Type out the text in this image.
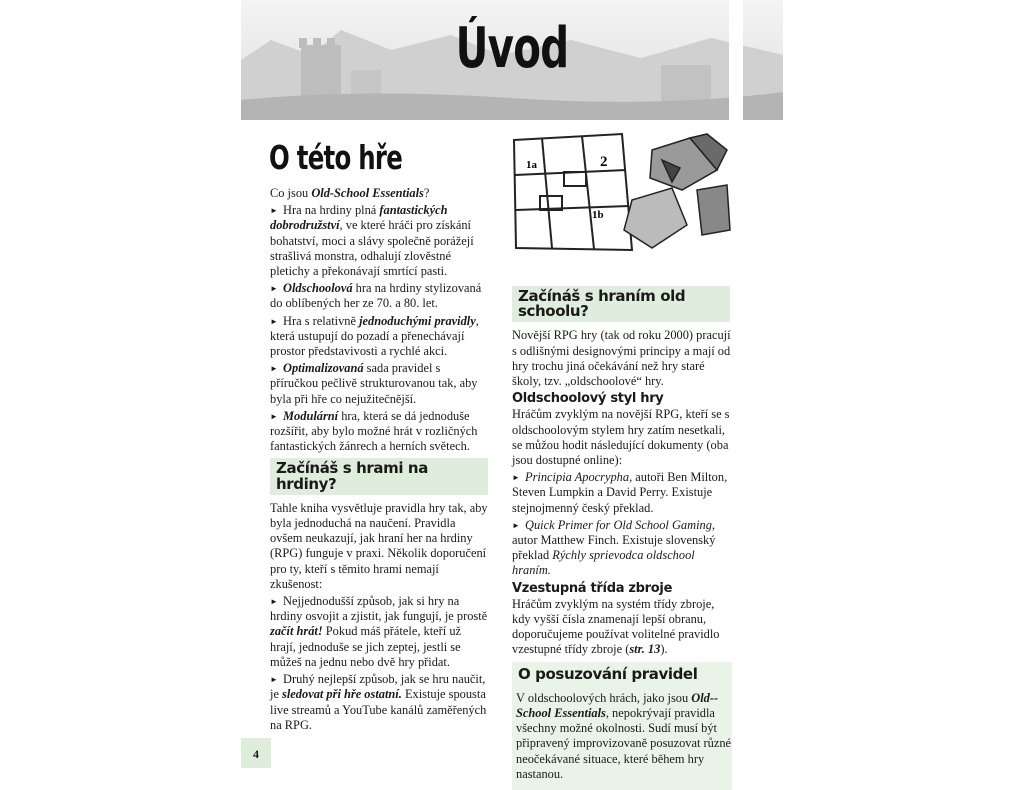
Úvod
O této hře

Co jsou Old-School Essentials?

► Hra na hrdiny plná fantastických dobrodružství, ve které hráči pro získání bohatství, moci a slávy společně porážejí strašlivá monstra, odhalují zlověstné pletichy a překonávají smrtící pasti.

► Oldschoolová hra na hrdiny stylizovaná do oblíbených her ze 70. a 80. let.

► Hra s relativně jednoduchými pravidly, která ustupují do pozadí a přenechávají prostor představivosti a rychlé akci.

► Optimalizovaná sada pravidel s příručkou pečlivě strukturovanou tak, aby byla při hře co nejužitečnější.

► Modulární hra, která se dá jednoduše rozšířit, aby bylo možné hrát v rozličných fantastických žánrech a herních světech.

Začínáš s hrami na hrdiny?

Tahle kniha vysvětluje pravidla hry tak, aby byla jednoduchá na naučení. Pravidla ovšem neukazují, jak hraní her na hrdiny (RPG) funguje v praxi. Několik doporučení pro ty, kteří s těmito hrami nemají zkušenost:

► Nejjednodušší způsob, jak si hry na hrdiny osvojit a zjistit, jak fungují, je prostě začít hrát! Pokud máš přátele, kteří už hrají, jednoduše se jich zeptej, jestli se můžeš na jednu nebo dvě hry přidat.

► Druhý nejlepší způsob, jak se hru naučit, je sledovat při hře ostatní. Existuje spousta live streamů a YouTube kanálů zaměřených na RPG.

1a	2
1b
Začínáš s hraním old schoolu?

Novější RPG hry (tak od roku 2000) pracují s odlišnými designovými principy a mají od hry trochu jiná očekávání než hry staré školy, tzv. „oldschoolové“ hry.

Oldschoolový styl hry

Hráčům zvyklým na novější RPG, kteří se s oldschoolovým stylem hry zatím nesetkali, se můžou hodit následující dokumenty (oba jsou dostupné online):

► Principia Apocrypha, autoři Ben Milton, Steven Lumpkin a David Perry. Existuje stejnojmenný český překlad.

► Quick Primer for Old School Gaming, autor Matthew Finch. Existuje slovenský překlad Rýchly sprievodca oldschool hraním.

Vzestupná třída zbroje

Hráčům zvyklým na systém třídy zbroje, kdy vyšší čísla znamenají lepší obranu, doporučujeme používat volitelné pravidlo vzestupné třídy zbroje (str. 13).

O posuzování pravidel

V oldschoolových hrách, jako jsou Old--School Essentials, nepokrývají pravidla všechny možné okolnosti. Sudí musí být připravený improvizovaně posuzovat různé neočekávané situace, které během hry nastanou.

4
